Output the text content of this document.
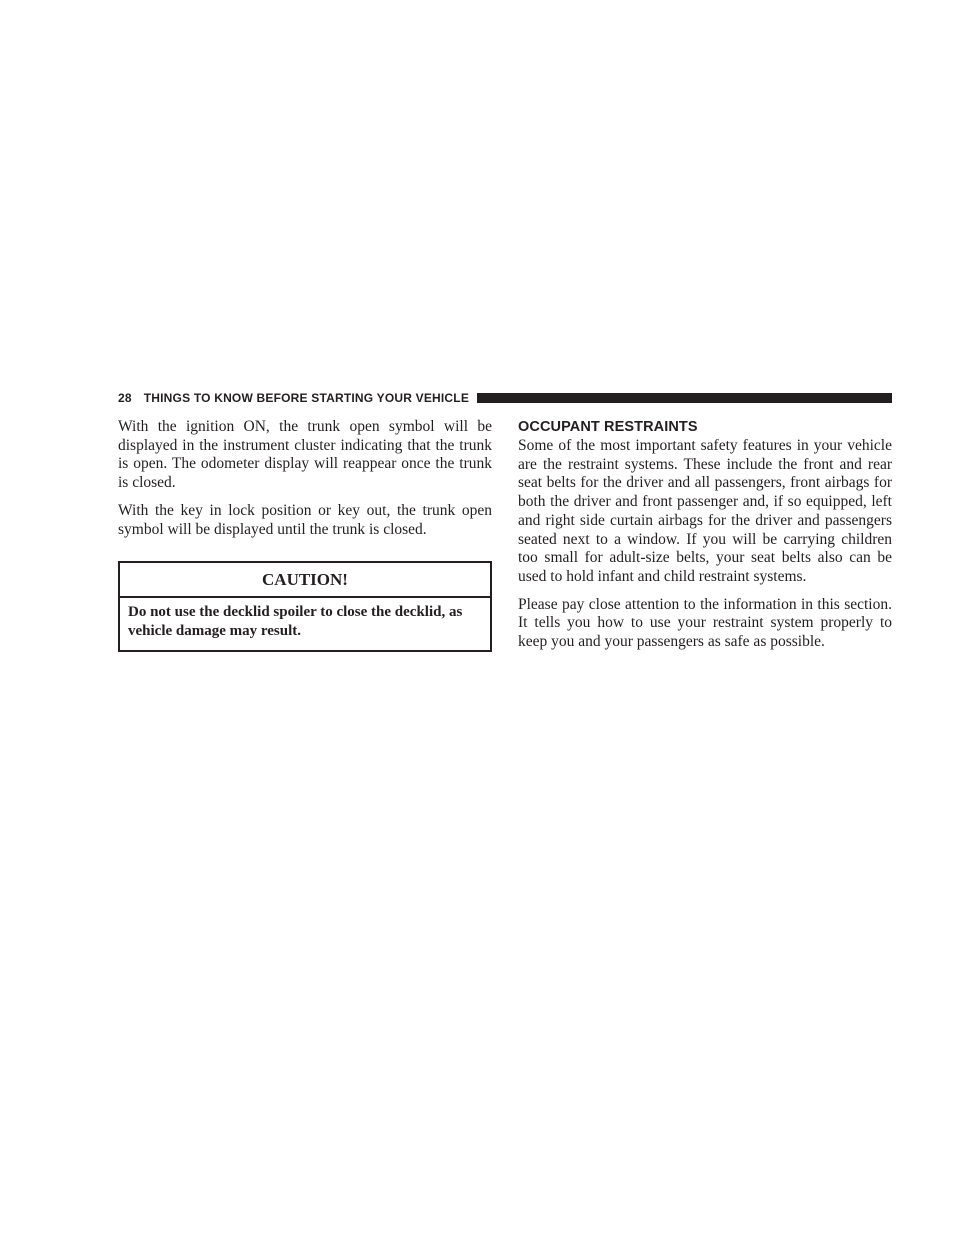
28 THINGS TO KNOW BEFORE STARTING YOUR VEHICLE

With the ignition ON, the trunk open symbol will be displayed in the instrument cluster indicating that the trunk is open. The odometer display will reappear once the trunk is closed.

With the key in lock position or key out, the trunk open symbol will be displayed until the trunk is closed.

CAUTION!
Do not use the decklid spoiler to close the decklid, as vehicle damage may result.
OCCUPANT RESTRAINTS

Some of the most important safety features in your vehicle are the restraint systems. These include the front and rear seat belts for the driver and all passengers, front airbags for both the driver and front passenger and, if so equipped, left and right side curtain airbags for the driver and passengers seated next to a window. If you will be carrying children too small for adult-size belts, your seat belts also can be used to hold infant and child restraint systems.

Please pay close attention to the information in this section. It tells you how to use your restraint system properly to keep you and your passengers as safe as possible.
